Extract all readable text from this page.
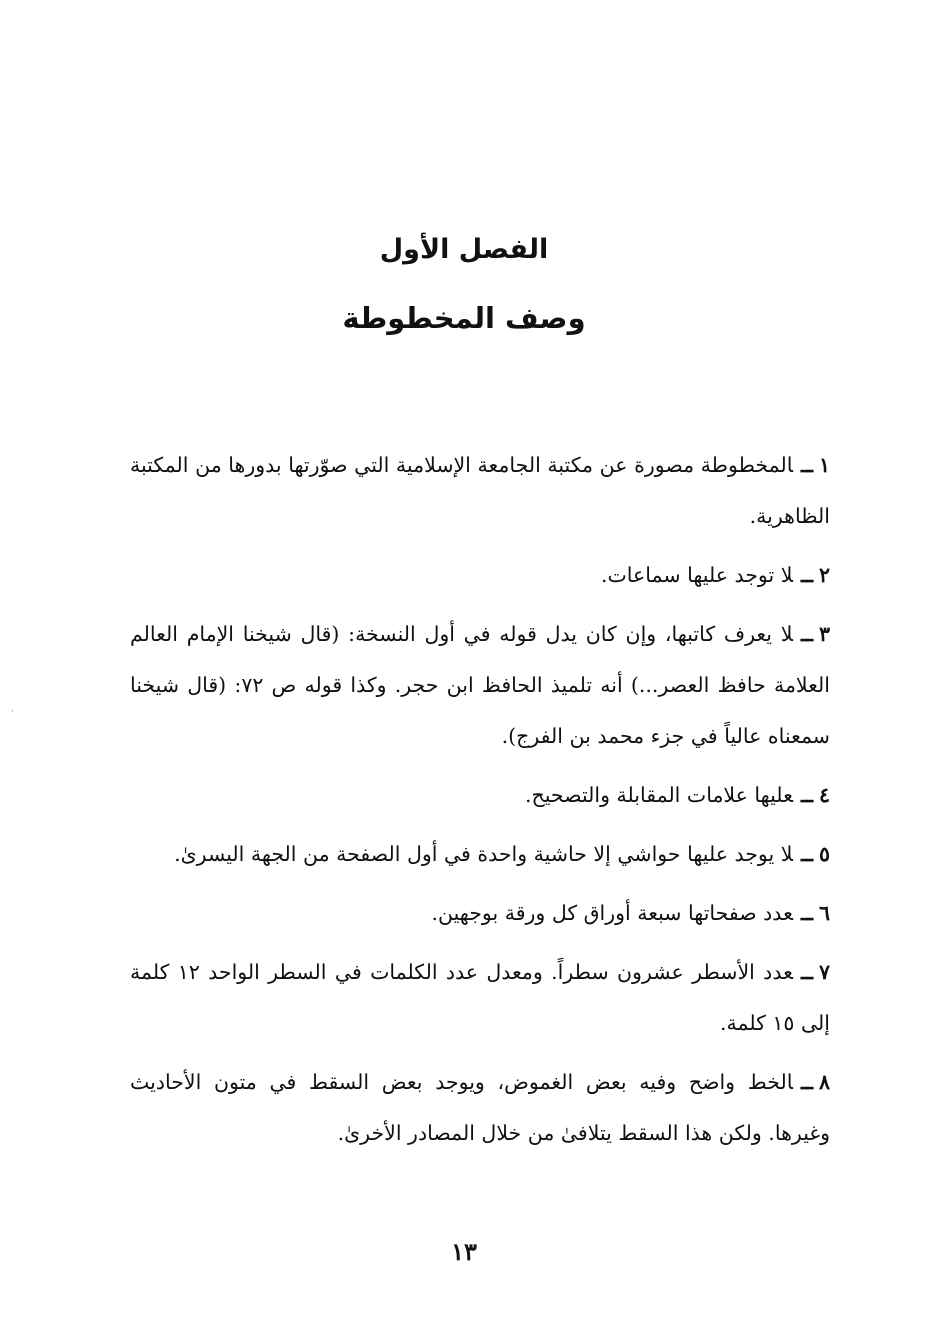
الفصل الأول
وصف المخطوطة
١ــالمخطوطة مصورة عن مكتبة الجامعة الإسلامية التي صوّرتها بدورها من المكتبة الظاهرية.
٢ــلا توجد عليها سماعات.
٣ــلا يعرف كاتبها، وإن كان يدل قوله في أول النسخة: (قال شيخنا الإمام العالم العلامة حافظ العصر...) أنه تلميذ الحافظ ابن حجر. وكذا قوله ص ٧٢: (قال شيخنا سمعناه عالياً في جزء محمد بن الفرج).
٤ــعليها علامات المقابلة والتصحيح.
٥ــلا يوجد عليها حواشي إلا حاشية واحدة في أول الصفحة من الجهة اليسرىٰ.
٦ــعدد صفحاتها سبعة أوراق كل ورقة بوجهين.
٧ــعدد الأسطر عشرون سطراً. ومعدل عدد الكلمات في السطر الواحد ١٢ كلمة إلى ١٥ كلمة.
٨ــالخط واضح وفيه بعض الغموض، ويوجد بعض السقط في متون الأحاديث وغيرها. ولكن هذا السقط يتلافىٰ من خلال المصادر الأخرىٰ.
١٣
